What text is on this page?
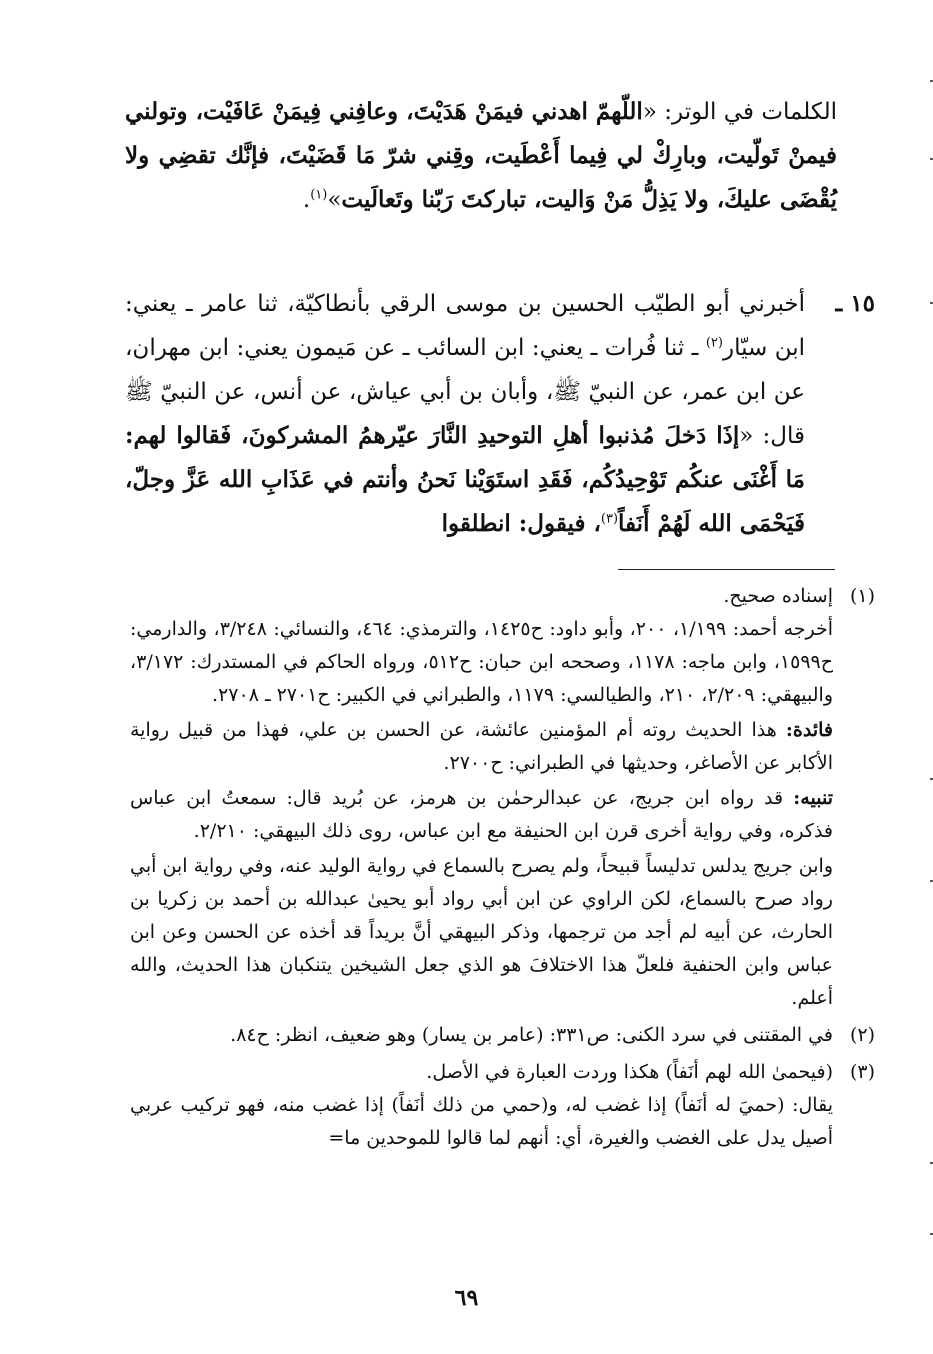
الكلمات في الوتر: «اللّهمّ اهدني فيمَنْ هَدَيْتَ، وعافِني فِيمَنْ عَافَيْت، وتولني فيمنْ تَولّيت، وبارِكْ لي فِيما أَعْطَيت، وقِني شرّ مَا قَضَيْتَ، فإنَّك تقضِي ولا يُقْضَى عليكَ، ولا يَذِلُّ مَنْ وَاليت، تباركتَ رَبّنا وتَعالَيت»$^{(١)}$.

١٥ ـ

أخبرني أبو الطيّب الحسين بن موسى الرقي بأنطاكيّة، ثنا عامر ـ يعني: ابن سيّار$^{(٢)}$ ـ ثنا فُرات ـ يعني: ابن السائب ـ عن مَيمون يعني: ابن مهران، عن ابن عمر، عن النبيّ ﷺ، وأبان بن أبي عياش، عن أنس، عن النبيّ ﷺ قال: «إذَا دَخلَ مُذنبوا أهلِ التوحيدِ النَّارَ عيّرهمُ المشركونَ، فَقالوا لهم: مَا أَغْنَى عنكُم تَوْحِيدُكُم، فَقَدِ استَوَيْنا نَحنُ وأنتم في عَذَابِ الله عَزَّ وجلّ، فَيَحْمَى الله لَهُمْ أَنَفاً$^{(٣)}$، فيقول: انطلقوا

(١)

إسناده صحيح.

أخرجه أحمد: ١/١٩٩، ٢٠٠، وأبو داود: ح١٤٢٥، والترمذي: ٤٦٤، والنسائي: ٣/٢٤٨، والدارمي: ح١٥٩٩، وابن ماجه: ١١٧٨، وصححه ابن حبان: ح٥١٢، ورواه الحاكم في المستدرك: ٣/١٧٢، والبيهقي: ٢/٢٠٩، ٢١٠، والطيالسي: ١١٧٩، والطبراني في الكبير: ح٢٧٠١ ـ ٢٧٠٨.

فائدة: هذا الحديث روته أم المؤمنين عائشة، عن الحسن بن علي، فهذا من قبيل رواية الأكابر عن الأصاغر، وحديثها في الطبراني: ح٢٧٠٠.

تنبيه: قد رواه ابن جريج، عن عبدالرحمٰن بن هرمز، عن بُريد قال: سمعتُ ابن عباس فذكره، وفي رواية أخرى قرن ابن الحنيفة مع ابن عباس، روى ذلك البيهقي: ٢/٢١٠.

وابن جريج يدلس تدليساً قبيحاً، ولم يصرح بالسماع في رواية الوليد عنه، وفي رواية ابن أبي رواد صرح بالسماع، لكن الراوي عن ابن أبي رواد أبو يحيىٰ عبدالله بن أحمد بن زكريا بن الحارث، عن أبيه لم أجد من ترجمها، وذكر البيهقي أنَّ بريداً قد أخذه عن الحسن وعن ابن عباس وابن الحنفية فلعلّ هذا الاختلافَ هو الذي جعل الشيخين يتنكبان هذا الحديث، والله أعلم.

(٢)

في المقتنى في سرد الكنى: ص٣٣١: (عامر بن يسار) وهو ضعيف، انظر: ح٨٤.

(٣)

(فيحمىٰ الله لهم أنَفاً) هكذا وردت العبارة في الأصل.

يقال: (حميَ له أنَفاً) إذا غضب له، و(حمي من ذلك أنَفاً) إذا غضب منه، فهو تركيب عربي أصيل يدل على الغضب والغيرة، أي: أنهم لما قالوا للموحدين ما=

٦٩
